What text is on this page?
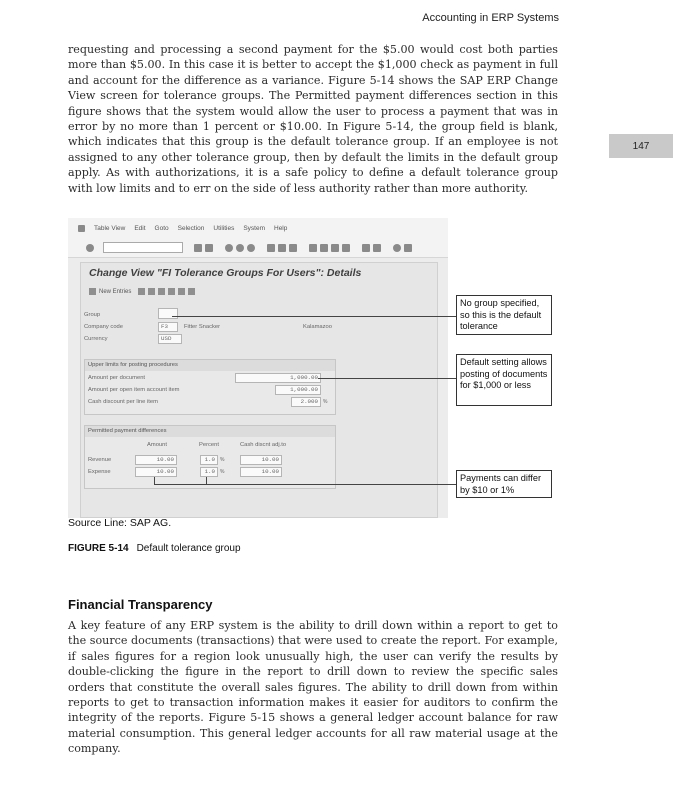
Accounting in ERP Systems
147

requesting and processing a second payment for the $5.00 would cost both parties more than $5.00. In this case it is better to accept the $1,000 check as payment in full and account for the difference as a variance. Figure 5-14 shows the SAP ERP Change View screen for tolerance groups. The Permitted payment differences section in this figure shows that the system would allow the user to process a payment that was in error by no more than 1 percent or $10.00. In Figure 5-14, the group field is blank, which indicates that this group is the default tolerance group. If an employee is not assigned to any other tolerance group, then by default the limits in the default group apply. As with authorizations, it is a safe policy to define a default tolerance group with low limits and to err on the side of less authority rather than more authority.

Table View Edit Goto Selection Utilities System Help
Change View "FI Tolerance Groups For Users": Details
New Entries
Group
Company code	F3	Fitter Snacker	Kalamazoo
Currency	USD
Upper limits for posting procedures
Amount per document	1,000.00
Amount per open item account item	1,000.00
Cash discount per line item	2.000	%
Permitted payment differences
Amount	Percent	Cash discnt adj.to
Revenue	10.00	1.0	%	10.00
Expense	10.00	1.0	%	10.00
No group specified, so this is the default tolerance
Default setting allows posting of documents for $1,000 or less
Payments can differ by $10 or 1%
Source Line: SAP AG.
FIGURE 5-14 Default tolerance group
Financial Transparency

A key feature of any ERP system is the ability to drill down within a report to get to the source documents (transactions) that were used to create the report. For example, if sales figures for a region look unusually high, the user can verify the results by double-clicking the figure in the report to drill down to review the specific sales orders that constitute the overall sales figures. The ability to drill down from within reports to get to transaction information makes it easier for auditors to confirm the integrity of the reports. Figure 5-15 shows a general ledger account balance for raw material consumption. This general ledger accounts for all raw material usage at the company.
